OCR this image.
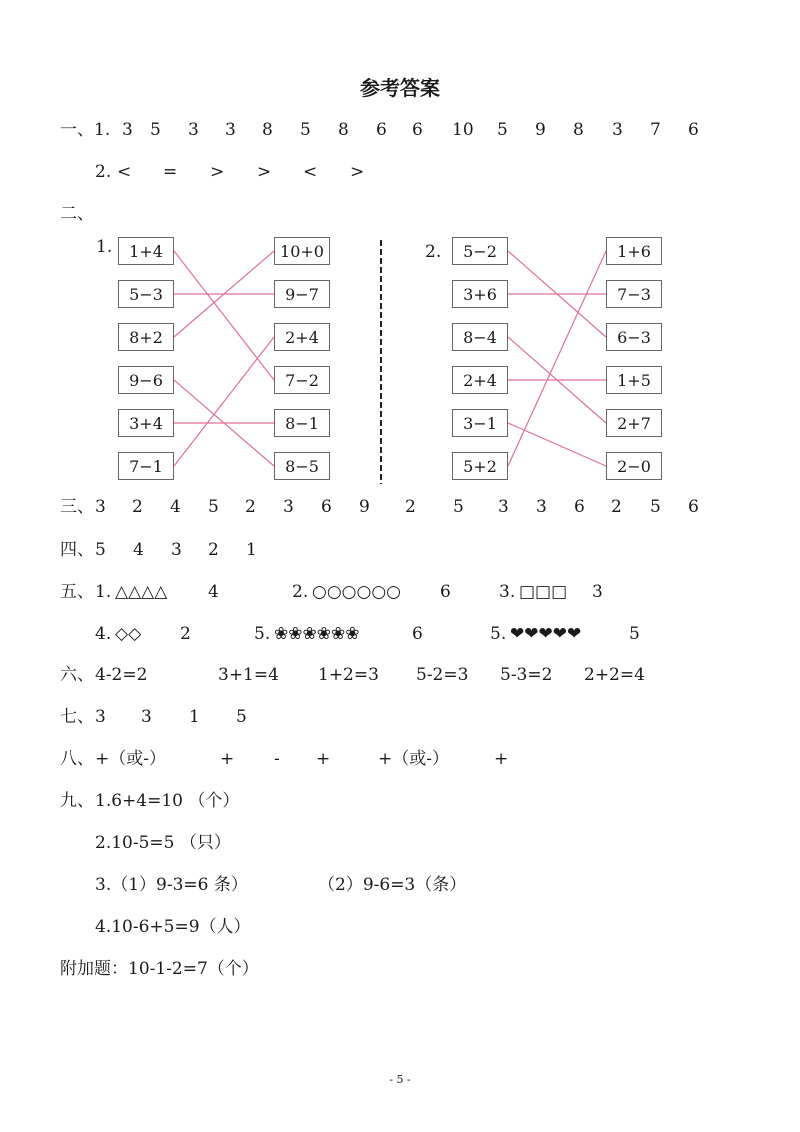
参考答案
一、1. 3 5 3 3 8 5 8 6 6 10 5 9 8 3 7 6
2. < = > > < >
二、
1.	2.
1+4
5−3
8+2
9−6
3+4
7−1
10+0
9−7
2+4
7−2
8−1
8−5
5−2
3+6
8−4
2+4
3−1
5+2
1+6
7−3
6−3
1+5
2+7
2−0
三、 3 2 4 5 2 3 6 9 2 5 3 3 6 2 5 6
四、 5 4 3 2 1
五、 1. △△△△ 4	2. ○○○○○○ 6	3. □□□ 3
4. ◇◇ 2	5. ❀❀❀❀❀❀	6	5. ❤❤❤❤❤	5
六、 4-2=2	3+1=4 1+2=3 5-2=3 5-3=2 2+2=4
七、 3 3 1 5
八、 +（或-）	+ - +	+（或-）	+
九、 1.6+4=10 （个）
2.10-5=5 （只）
3.（1）9-3=6 条）	（2）9-6=3（条）
4.10-6+5=9（人）
附加题：10-1-2=7（个）
- 5 -
